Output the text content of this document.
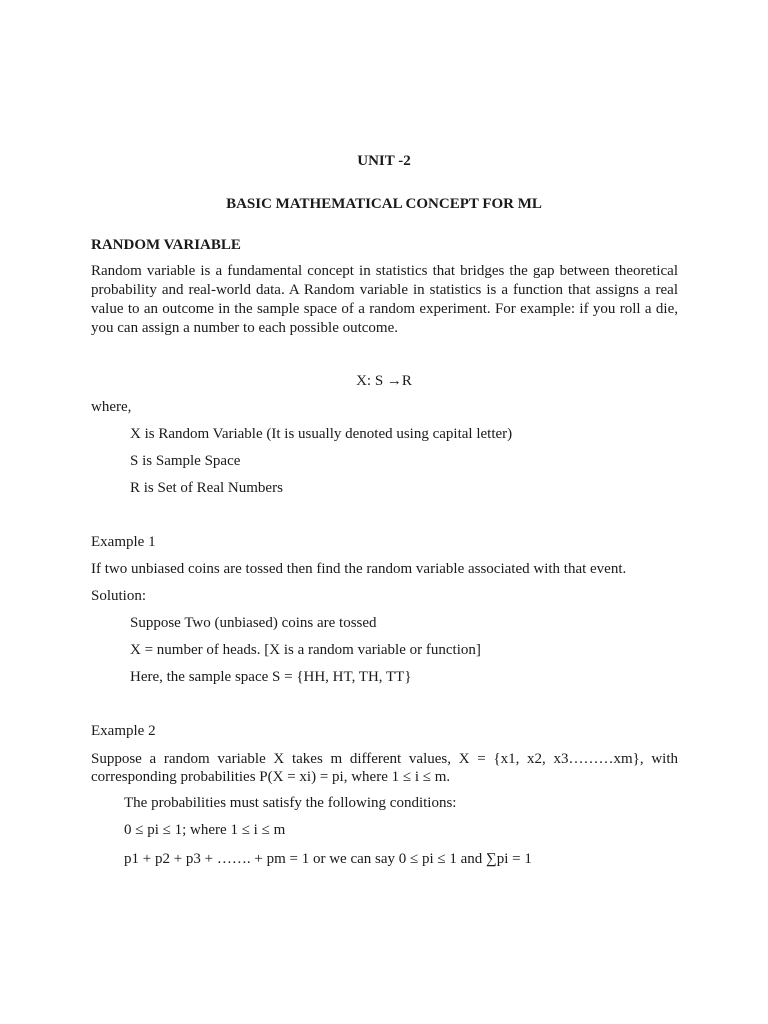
UNIT -2
BASIC MATHEMATICAL CONCEPT FOR ML
RANDOM VARIABLE
Random variable is a fundamental concept in statistics that bridges the gap between theoretical probability and real-world data. A Random variable in statistics is a function that assigns a real value to an outcome in the sample space of a random experiment. For example: if you roll a die, you can assign a number to each possible outcome.
X: S →R
where,
X is Random Variable (It is usually denoted using capital letter)
S is Sample Space
R is Set of Real Numbers
Example 1
If two unbiased coins are tossed then find the random variable associated with that event.
Solution:
Suppose Two (unbiased) coins are tossed
X = number of heads. [X is a random variable or function]
Here, the sample space S = {HH, HT, TH, TT}
Example 2
Suppose a random variable X takes m different values, X = {x1, x2, x3………xm}, with corresponding probabilities P(X = xi) = pi, where 1 ≤ i ≤ m.
The probabilities must satisfy the following conditions:
0 ≤ pi ≤ 1; where 1 ≤ i ≤ m
p1 + p2 + p3 + ……. + pm = 1 or we can say 0 ≤ pi ≤ 1 and ∑pi = 1
